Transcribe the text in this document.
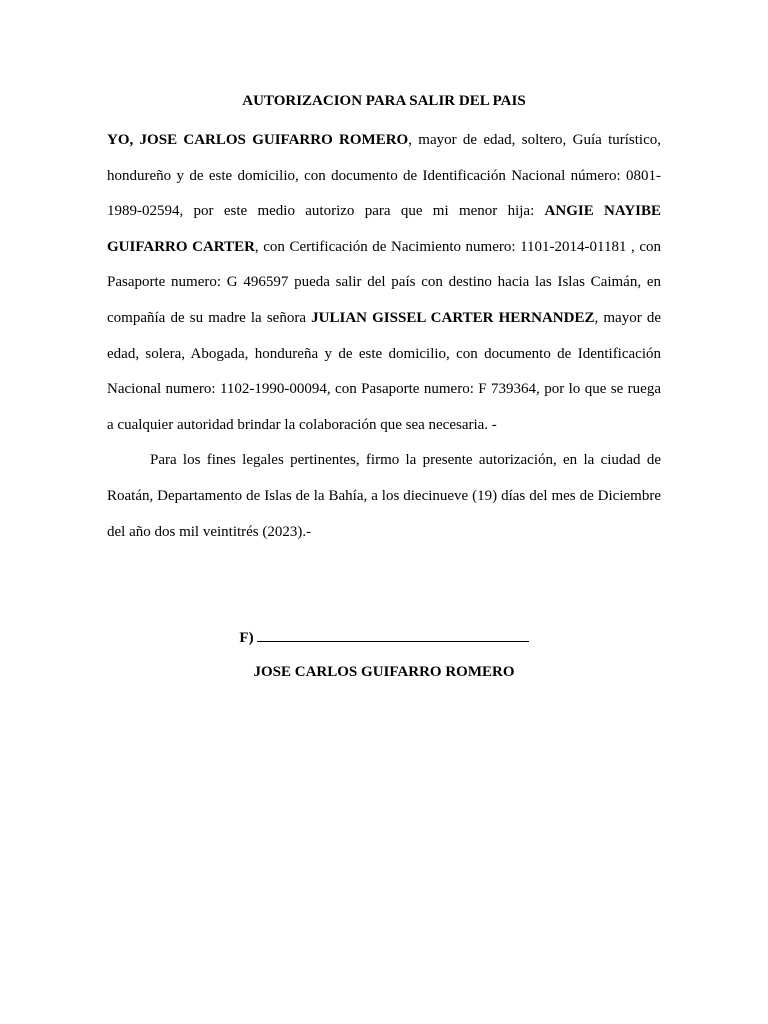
AUTORIZACION PARA SALIR DEL PAIS

YO, JOSE CARLOS GUIFARRO ROMERO, mayor de edad, soltero, Guía turístico, hondureño y de este domicilio, con documento de Identificación Nacional número: 0801-1989-02594, por este medio autorizo para que mi menor hija: ANGIE NAYIBE GUIFARRO CARTER, con Certificación de Nacimiento numero: 1101-2014-01181 , con Pasaporte numero: G 496597 pueda salir del país con destino hacia las Islas Caimán, en compañía de su madre la señora JULIAN GISSEL CARTER HERNANDEZ, mayor de edad, solera, Abogada, hondureña y de este domicilio, con documento de Identificación Nacional numero: 1102-1990-00094, con Pasaporte numero: F 739364, por lo que se ruega a cualquier autoridad brindar la colaboración que sea necesaria. -

Para los fines legales pertinentes, firmo la presente autorización, en la ciudad de Roatán, Departamento de Islas de la Bahía, a los diecinueve (19) días del mes de Diciembre del año dos mil veintitrés (2023).-

F)
JOSE CARLOS GUIFARRO ROMERO
